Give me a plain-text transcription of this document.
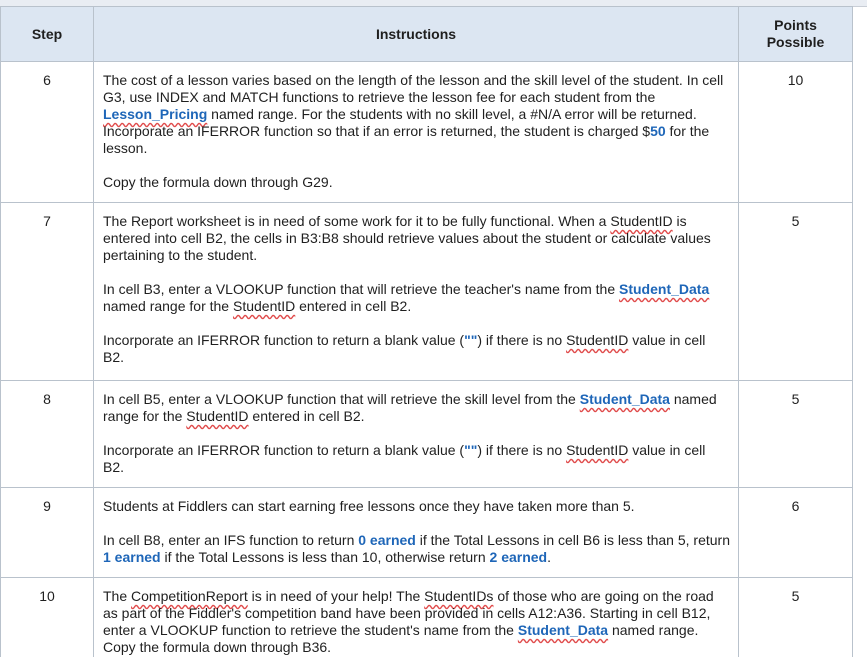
Step	Instructions	Points
Possible
6	The cost of a lesson varies based on the length of the lesson and the skill level of the student. In cell G3, use INDEX and MATCH functions to retrieve the lesson fee for each student from the Lesson_Pricing named range. For the students with no skill level, a #N/A error will be returned. Incorporate an IFERROR function so that if an error is returned, the student is charged $50 for the lesson.

Copy the formula down through G29.	10
7	The Report worksheet is in need of some work for it to be fully functional. When a StudentID is entered into cell B2, the cells in B3:B8 should retrieve values about the student or calculate values pertaining to the student.

In cell B3, enter a VLOOKUP function that will retrieve the teacher's name from the Student_Data named range for the StudentID entered in cell B2.

Incorporate an IFERROR function to return a blank value ("") if there is no StudentID value in cell B2.	5
8	In cell B5, enter a VLOOKUP function that will retrieve the skill level from the Student_Data named range for the StudentID entered in cell B2.

Incorporate an IFERROR function to return a blank value ("") if there is no StudentID value in cell B2.	5
9	Students at Fiddlers can start earning free lessons once they have taken more than 5.

In cell B8, enter an IFS function to return 0 earned if the Total Lessons in cell B6 is less than 5, return 1 earned if the Total Lessons is less than 10, otherwise return 2 earned.	6
10	The CompetitionReport is in need of your help! The StudentIDs of those who are going on the road as part of the Fiddler's competition band have been provided in cells A12:A36. Starting in cell B12, enter a VLOOKUP function to retrieve the student's name from the Student_Data named range. Copy the formula down through B36.	5
